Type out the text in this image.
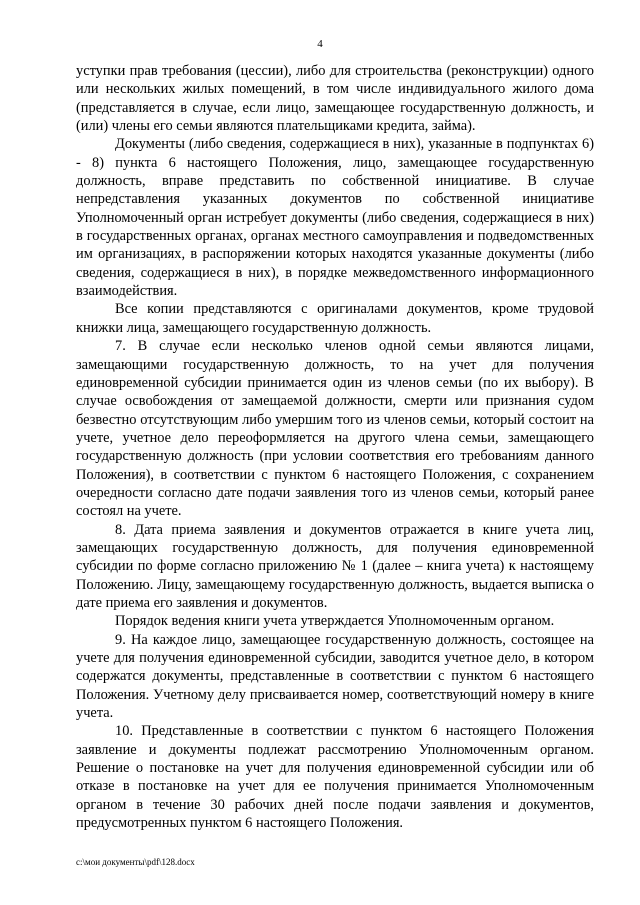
4

уступки прав требования (цессии), либо для строительства (реконструкции) одного или нескольких жилых помещений, в том числе индивидуального жилого дома (представляется в случае, если лицо, замещающее государственную должность, и (или) члены его семьи являются плательщиками кредита, займа).

Документы (либо сведения, содержащиеся в них), указанные в подпунктах 6) - 8) пункта 6 настоящего Положения, лицо, замещающее государственную должность, вправе представить по собственной инициативе. В случае непредставления указанных документов по собственной инициативе Уполномоченный орган истребует документы (либо сведения, содержащиеся в них) в государственных органах, органах местного самоуправления и подведомственных им организациях, в распоряжении которых находятся указанные документы (либо сведения, содержащиеся в них), в порядке межведомственного информационного взаимодействия.

Все копии представляются с оригиналами документов, кроме трудовой книжки лица, замещающего государственную должность.

7. В случае если несколько членов одной семьи являются лицами, замещающими государственную должность, то на учет для получения единовременной субсидии принимается один из членов семьи (по их выбору). В случае освобождения от замещаемой должности, смерти или признания судом безвестно отсутствующим либо умершим того из членов семьи, который состоит на учете, учетное дело переоформляется на другого члена семьи, замещающего государственную должность (при условии соответствия его требованиям данного Положения), в соответствии с пунктом 6 настоящего Положения, с сохранением очередности согласно дате подачи заявления того из членов семьи, который ранее состоял на учете.

8. Дата приема заявления и документов отражается в книге учета лиц, замещающих государственную должность, для получения единовременной субсидии по форме согласно приложению № 1 (далее – книга учета) к настоящему Положению. Лицу, замещающему государственную должность, выдается выписка о дате приема его заявления и документов.

Порядок ведения книги учета утверждается Уполномоченным органом.

9. На каждое лицо, замещающее государственную должность, состоящее на учете для получения единовременной субсидии, заводится учетное дело, в котором содержатся документы, представленные в соответствии с пунктом 6 настоящего Положения. Учетному делу присваивается номер, соответствующий номеру в книге учета.

10. Представленные в соответствии с пунктом 6 настоящего Положения заявление и документы подлежат рассмотрению Уполномоченным органом. Решение о постановке на учет для получения единовременной субсидии или об отказе в постановке на учет для ее получения принимается Уполномоченным органом в течение 30 рабочих дней после подачи заявления и документов, предусмотренных пунктом 6 настоящего Положения.

c:\мои документы\pdf\128.docx
